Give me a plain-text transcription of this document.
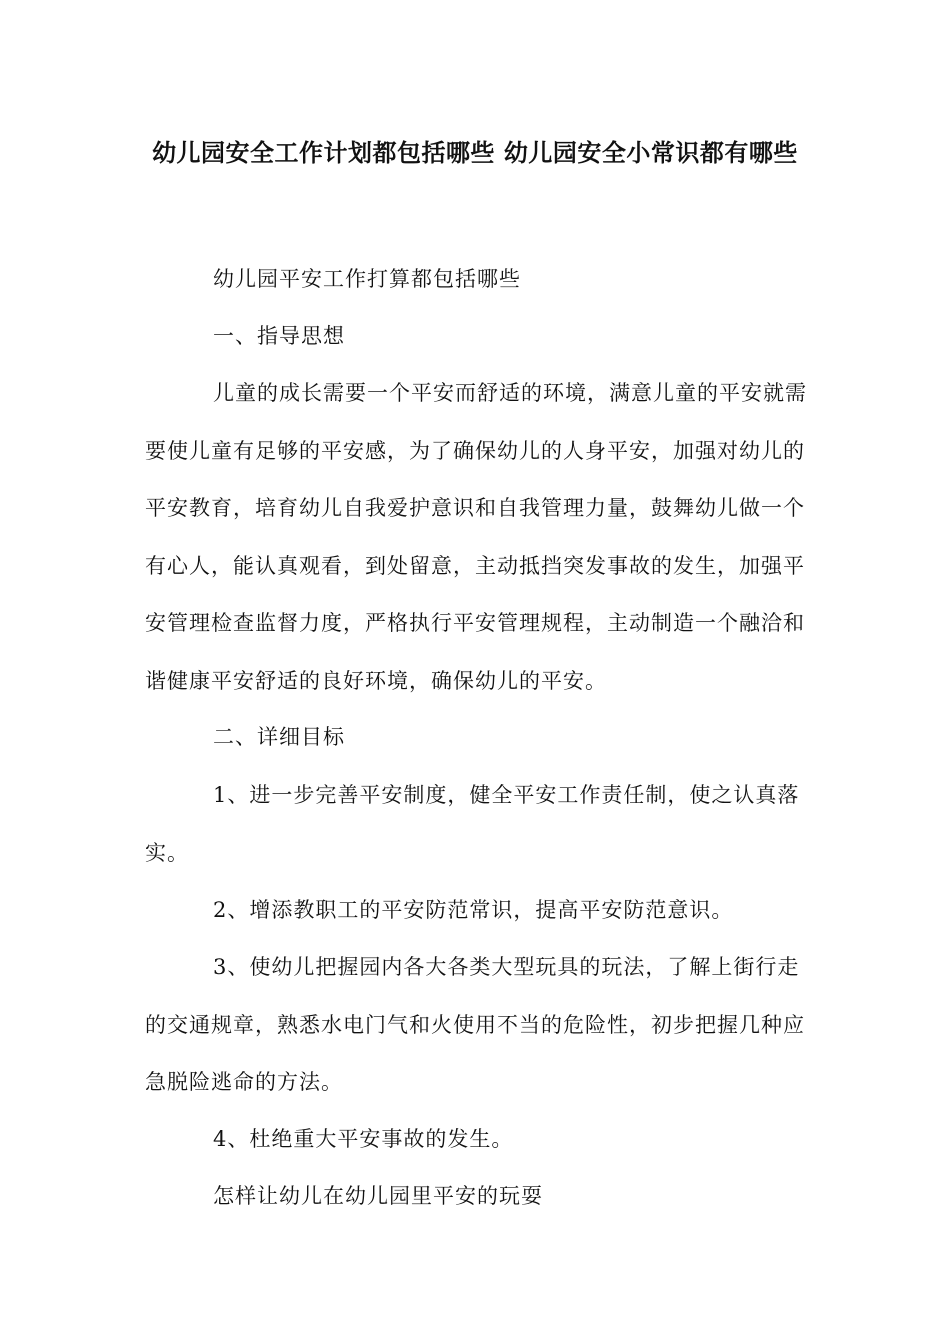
幼儿园安全工作计划都包括哪些 幼儿园安全小常识都有哪些
幼儿园平安工作打算都包括哪些
一、指导思想
儿童的成长需要一个平安而舒适的环境，满意儿童的平安就需要使儿童有足够的平安感，为了确保幼儿的人身平安，加强对幼儿的平安教育，培育幼儿自我爱护意识和自我管理力量，鼓舞幼儿做一个有心人，能认真观看，到处留意，主动抵挡突发事故的发生，加强平安管理检查监督力度，严格执行平安管理规程，主动制造一个融洽和谐健康平安舒适的良好环境，确保幼儿的平安。
二、详细目标
1、进一步完善平安制度，健全平安工作责任制，使之认真落实。
2、增添教职工的平安防范常识，提高平安防范意识。
3、使幼儿把握园内各大各类大型玩具的玩法，了解上街行走的交通规章，熟悉水电门气和火使用不当的危险性，初步把握几种应急脱险逃命的方法。
4、杜绝重大平安事故的发生。
怎样让幼儿在幼儿园里平安的玩耍
